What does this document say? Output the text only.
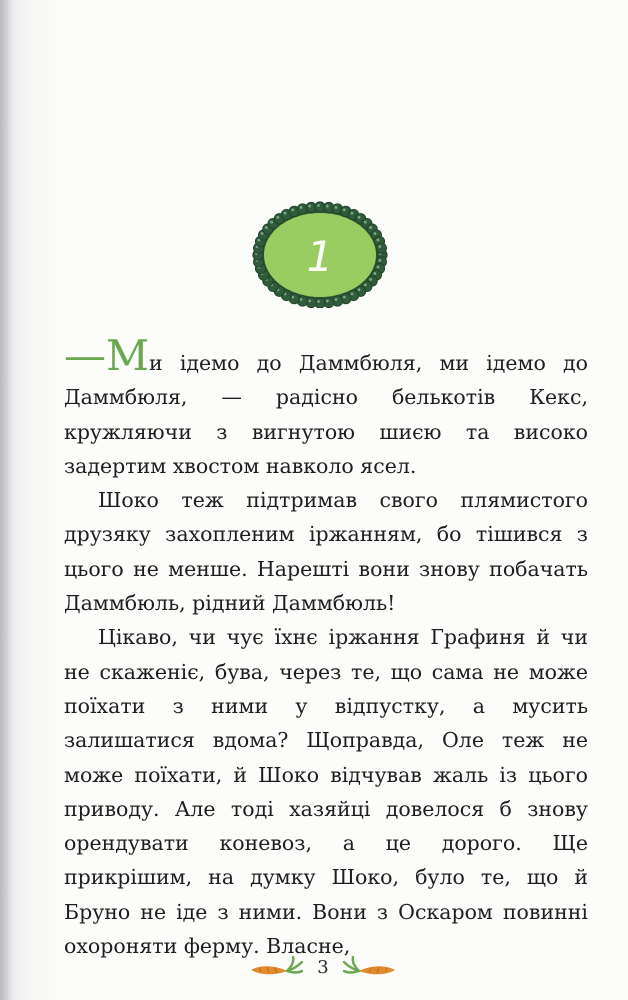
1

—Ми ідемо до Даммбюля, ми ідемо до Даммбюля, — радісно белькотів Кекс, кружляючи з вигнутою шиєю та високо задертим хвостом навколо ясел.

Шоко теж підтримав свого плямистого друзяку захопленим іржанням, бо тішився з цього не менше. Нарешті вони знову побачать Даммбюль, рідний Даммбюль!

Цікаво, чи чує їхнє іржання Графиня й чи не скаженіє, бува, через те, що сама не може поїхати з ними у відпустку, а мусить залишатися вдома? Щоправда, Оле теж не може поїхати, й Шоко відчував жаль із цього приводу. Але тоді хазяйці довелося б знову орендувати коневоз, а це дорого. Ще прикрішим, на думку Шоко, було те, що й Бруно не іде з ними. Вони з Оскаром повинні охороняти ферму. Власне,

3
